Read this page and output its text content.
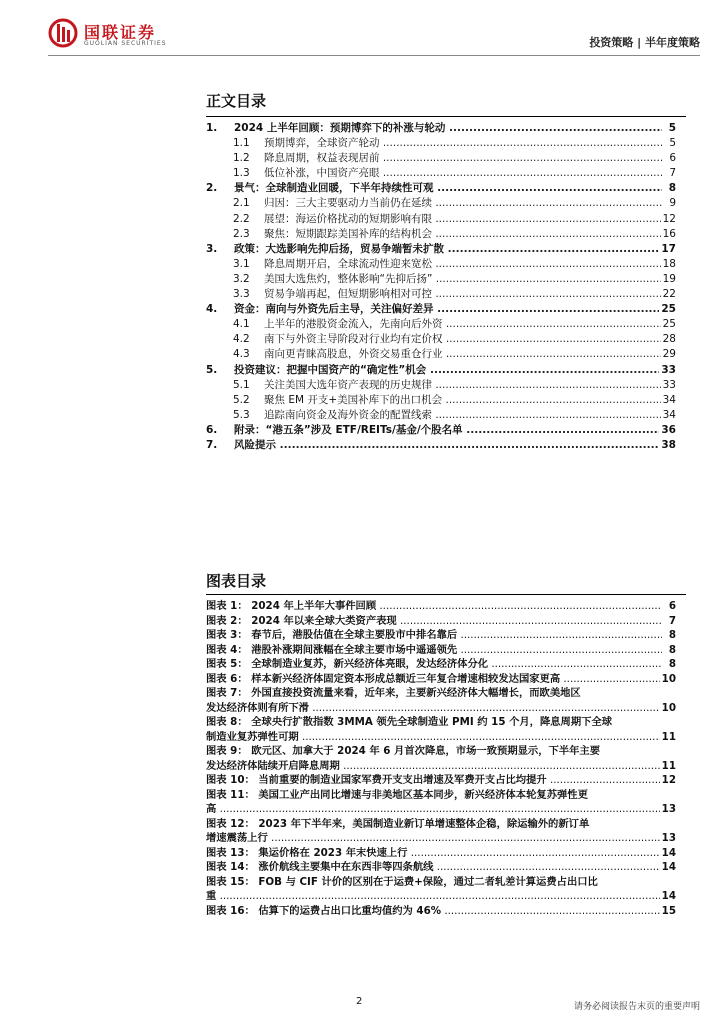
国联证券
GUOLIAN SECURITIES	投资策略 | 半年度策略
正文目录
1. 2024 上半年回顾：预期博弈下的补涨与轮动 .....	5
1.1 预期博弈，全球资产轮动 .....	5
1.2 降息周期，权益表现居前 .....	6
1.3 低位补涨，中国资产亮眼 .....	7
2. 景气：全球制造业回暖，下半年持续性可观 .....	8
2.1 归因：三大主要驱动力当前仍在延续 .....	9
2.2 展望：海运价格扰动的短期影响有限 .....	12
2.3 聚焦：短期跟踪美国补库的结构机会 .....	16
3. 政策：大选影响先抑后扬，贸易争端暂未扩散 .....	17
3.1 降息周期开启，全球流动性迎来宽松 .....	18
3.2 美国大选焦灼，整体影响“先抑后扬” .....	19
3.3 贸易争端再起，但短期影响相对可控 .....	22
4. 资金：南向与外资先后主导，关注偏好差异 .....	25
4.1 上半年的港股资金流入，先南向后外资 .....	25
4.2 南下与外资主导阶段对行业均有定价权 .....	28
4.3 南向更青睐高股息，外资交易重仓行业 .....	29
5. 投资建议：把握中国资产的“确定性”机会 .....	33
5.1 关注美国大选年资产表现的历史规律 .....	33
5.2 聚焦 EM 开支+美国补库下的出口机会 .....	34
5.3 追踪南向资金及海外资金的配置线索 .....	34
6. 附录：“港五条”涉及 ETF/REITs/基金/个股名单 .....	36
7. 风险提示 .....	38
图表目录
图表 1： 2024 年上半年大事件回顾 .....	6
图表 2： 2024 年以来全球大类资产表现 .....	7
图表 3： 春节后，港股估值在全球主要股市中排名靠后 .....	8
图表 4： 港股补涨期间涨幅在全球主要市场中遥遥领先 .....	8
图表 5： 全球制造业复苏，新兴经济体亮眼，发达经济体分化 .....	8
图表 6： 样本新兴经济体固定资本形成总额近三年复合增速相较发达国家更高 .....	10
图表 7： 外国直接投资流量来看，近年来，主要新兴经济体大幅增长，而欧美地区
发达经济体则有所下滑 .....	10
图表 8： 全球央行扩散指数 3MMA 领先全球制造业 PMI 约 15 个月，降息周期下全球
制造业复苏弹性可期 .....	11
图表 9： 欧元区、加拿大于 2024 年 6 月首次降息，市场一致预期显示，下半年主要
发达经济体陆续开启降息周期 .....	11
图表 10： 当前重要的制造业国家军费开支支出增速及军费开支占比均提升 .....	12
图表 11： 美国工业产出同比增速与非美地区基本同步，新兴经济体本轮复苏弹性更
高 .....	13
图表 12： 2023 年下半年来，美国制造业新订单增速整体企稳，除运输外的新订单
增速震荡上行 .....	13
图表 13： 集运价格在 2023 年末快速上行 .....	14
图表 14： 涨价航线主要集中在东西非等四条航线 .....	14
图表 15： FOB 与 CIF 计价的区别在于运费+保险，通过二者轧差计算运费占出口比
重 .....	14
图表 16： 估算下的运费占出口比重均值约为 46% .....	15
2	请务必阅读报告末页的重要声明
